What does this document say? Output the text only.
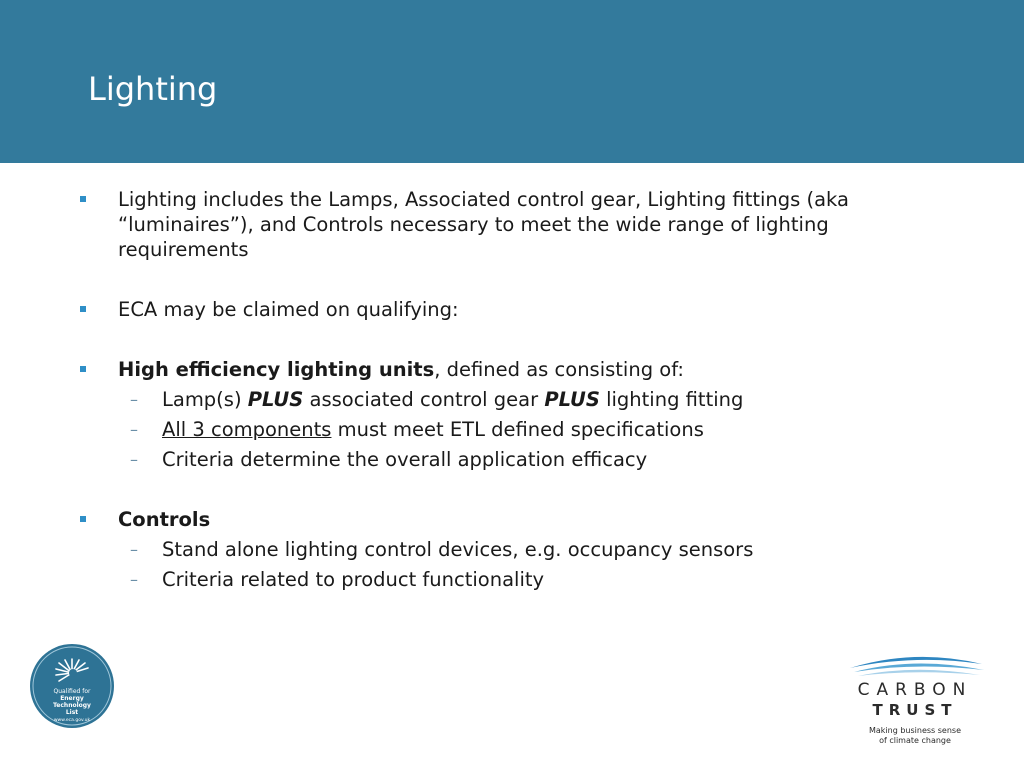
Lighting

Lighting includes the Lamps, Associated control gear, Lighting fittings (aka “luminaires”), and Controls necessary to meet the wide range of lighting requirements

ECA may be claimed on qualifying:

High efficiency lighting units, defined as consisting of:

– Lamp(s) PLUS associated control gear PLUS lighting fitting

– All 3 components must meet ETL defined specifications

– Criteria determine the overall application efficacy

Controls

– Stand alone lighting control devices, e.g. occupancy sensors

– Criteria related to product functionality

Qualified for
Energy
Technology
List
www.eca.gov.uk
CARBON
TRUST
Making business sense
of climate change
